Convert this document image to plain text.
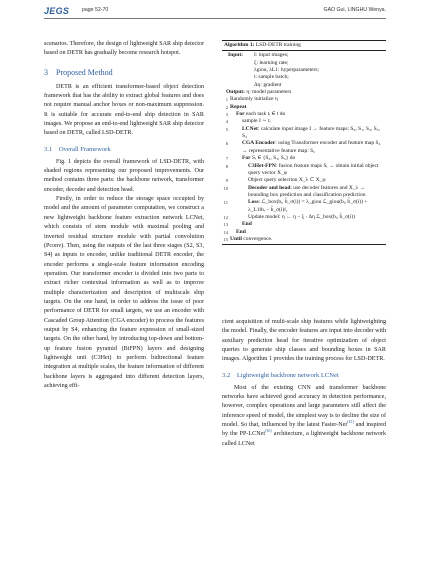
JEGS page 52-70	GAO Gui, LINGHU Wenya.

scenarios. Therefore, the design of lightweight SAR ship detector based on DETR has gradually become research hotspot.

3　Proposed Method

DETR is an efficient transformer-based object detection framework that has the ability to extract global features and does not require manual anchor boxes or non-maximum suppression. It is suitable for accurate end-to-end ship detection in SAR images. We propose an end-to-end lightweight SAR ship detector based on DETR, called LSD-DETR.

3.1　Overall Framework

Fig. 1 depicts the overall framework of LSD-DETR, with shaded regions representing our proposed improvements. Our method contains three parts: the backbone network, transformer encoder, decoder and detection head.

Firstly, in order to reduce the storage space occupied by model and the amount of parameter computation, we construct a new lightweight backbone feature extraction network LCNet, which consists of stem module with maximal pooling and inverted residual structure module with partial convolution (Pconv). Then, using the outputs of the last three stages (S2, S3, S4) as inputs to encoder, unlike traditional DETR encoder, the encoder performs a single-scale feature information encoding operation. Our transformer encoder is divided into two parts to extract richer contextual information as well as to improve multiple characterization and description of multiscale ship targets. On the one hand, in order to address the issue of poor performance of DETR for small targets, we use an encoder with Cascaded Group Attention (CGA encoder) to process the features output by S4, enhancing the feature expression of small-sized targets. On the other hand, by introducing top-down and bottom-up feature fusion pyramid (BiFPN) layers and designing lightweight unit (C3Het) to perform bidirectional feature integration at multiple scales, the feature information of different backbone layers is aggregated into different detection layers, achieving effi-

Algorithm 1: LSD-DETR training
Input: I: input images;
ξ: learning rate;
λgiou, λL1: hyperparameters;
t: sample batch;
Δη: gradient
Output: η: model parameters
1 Randomly initialize η
2 Repeat
3 For each task tᵢ ∈ t do
4	sample I ∼ tᵢ
5	LCNet: calculate input image I → feature maps: S₀, S₁, S₂, S₃, S₄
6	CGA Encoder: using Transformer encoder and feature map S₄ → representative feature map: S₅
7	For Sᵢ ∈ {S₂, S₃, S₅} do
8	C3Het-FPN: fusion feature maps Sᵢ → obtain initial object query vector X_φ
9	Object query selection X_λ ⊂ X_φ
10	Decoder and head: use decoder features and X_λ → bounding box prediction and classification prediction
11	Loss: ℒ_box(bᵢ, b̂_σ(i)) = λ_giou ℒ_giou(bᵢ, b̂_σ(i)) + λ_L1‖bᵢ − b̂_σ(i)‖₁
12	Update model: η ← η − ξ · Δη ℒ_box(bᵢ, b̂_σ(i))
13	End
14 End
15 Until convergence.

cient acquisition of multi-scale ship features while lightweighting the model. Finally, the encoder features are input into decoder with auxiliary prediction head for iterative optimization of object queries to generate ship classes and bounding boxes in SAR images. Algorithm 1 provides the training process for LSD-DETR.

3.2　Lightweight backbone network LCNet

Most of the existing CNN and transformer backbone networks have achieved good accuracy in detection performance, however, complex operations and large parameters still affect the inference speed of model, the simplest way is to decline the size of model. So that, influenced by the latest Faster-Net[45] and inspired by the PP-LCNet[36] architecture, a lightweight backbone network called LCNet
